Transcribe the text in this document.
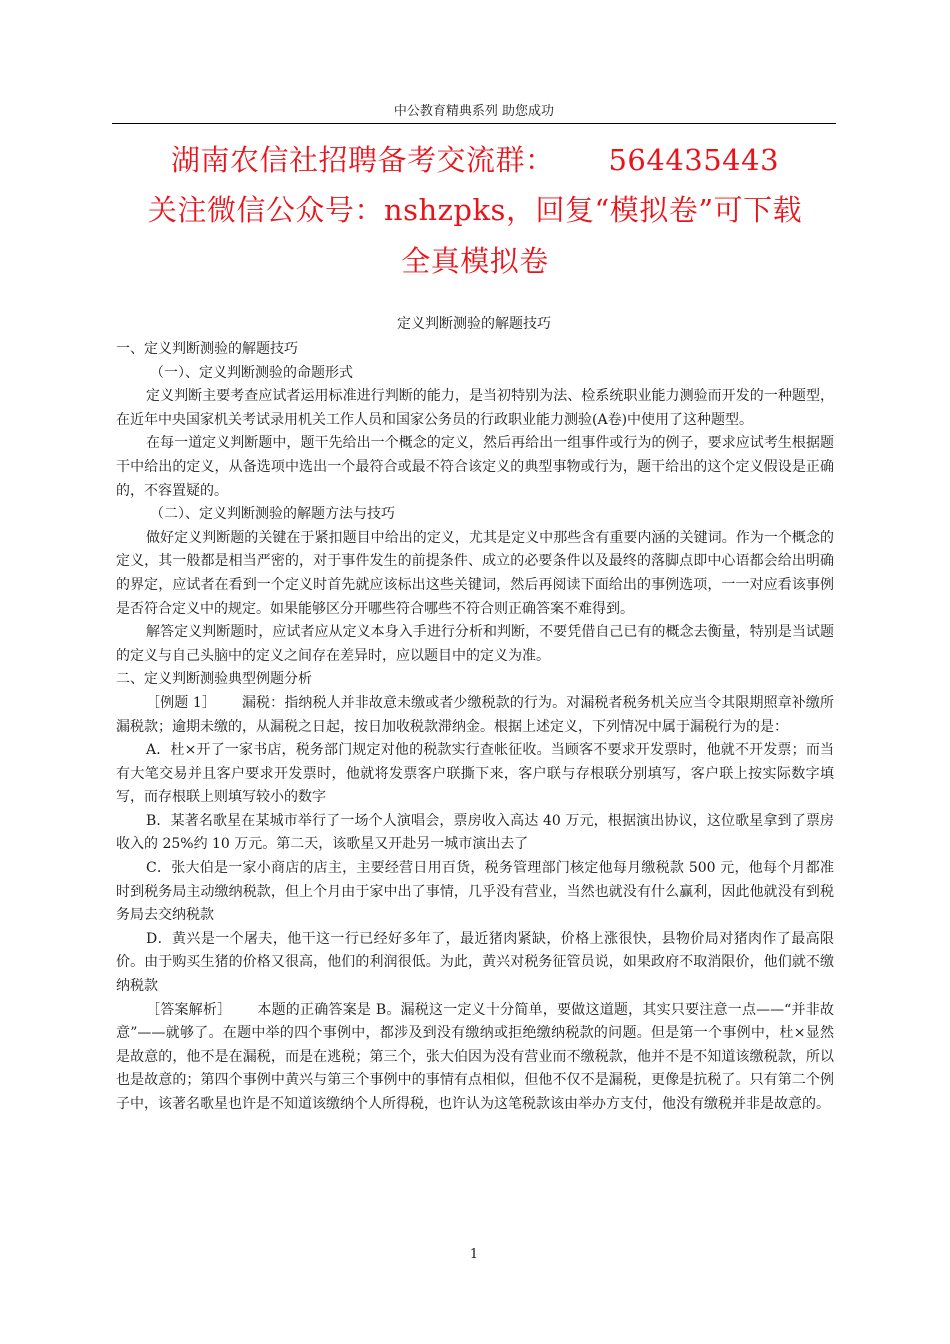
中公教育精典系列 助您成功
湖南农信社招聘备考交流群： 564435443
关注微信公众号：nshzpks，回复“模拟卷”可下载
全真模拟卷
定义判断测验的解题技巧

一、定义判断测验的解题技巧

（一）、定义判断测验的命题形式

定义判断主要考查应试者运用标准进行判断的能力，是当初特别为法、检系统职业能力测验而开发的一种题型，在近年中央国家机关考试录用机关工作人员和国家公务员的行政职业能力测验(A卷)中使用了这种题型。

在每一道定义判断题中，题干先给出一个概念的定义，然后再给出一组事件或行为的例子，要求应试考生根据题干中给出的定义，从备选项中选出一个最符合或最不符合该定义的典型事物或行为，题干给出的这个定义假设是正确的，不容置疑的。

（二）、定义判断测验的解题方法与技巧

做好定义判断题的关键在于紧扣题目中给出的定义，尤其是定义中那些含有重要内涵的关键词。作为一个概念的定义，其一般都是相当严密的，对于事件发生的前提条件、成立的必要条件以及最终的落脚点即中心语都会给出明确的界定，应试者在看到一个定义时首先就应该标出这些关键词，然后再阅读下面给出的事例选项，一一对应看该事例是否符合定义中的规定。如果能够区分开哪些符合哪些不符合则正确答案不难得到。

解答定义判断题时，应试者应从定义本身入手进行分析和判断，不要凭借自己已有的概念去衡量，特别是当试题的定义与自己头脑中的定义之间存在差异时，应以题目中的定义为准。

二、定义判断测验典型例题分析

［例题 1］ 漏税：指纳税人并非故意未缴或者少缴税款的行为。对漏税者税务机关应当令其限期照章补缴所漏税款；逾期未缴的，从漏税之日起，按日加收税款滞纳金。根据上述定义，下列情况中属于漏税行为的是：

A．杜×开了一家书店，税务部门规定对他的税款实行查帐征收。当顾客不要求开发票时，他就不开发票；而当有大笔交易并且客户要求开发票时，他就将发票客户联撕下来，客户联与存根联分别填写，客户联上按实际数字填写，而存根联上则填写较小的数字

B．某著名歌星在某城市举行了一场个人演唱会，票房收入高达 40 万元，根据演出协议，这位歌星拿到了票房收入的 25%约 10 万元。第二天，该歌星又开赴另一城市演出去了

C．张大伯是一家小商店的店主，主要经营日用百货，税务管理部门核定他每月缴税款 500 元，他每个月都准时到税务局主动缴纳税款，但上个月由于家中出了事情，几乎没有营业，当然也就没有什么赢利，因此他就没有到税务局去交纳税款

D．黄兴是一个屠夫，他干这一行已经好多年了，最近猪肉紧缺，价格上涨很快，县物价局对猪肉作了最高限价。由于购买生猪的价格又很高，他们的利润很低。为此，黄兴对税务征管员说，如果政府不取消限价，他们就不缴纳税款

［答案解析］ 本题的正确答案是 B。漏税这一定义十分简单，要做这道题，其实只要注意一点——“并非故意”——就够了。在题中举的四个事例中，都涉及到没有缴纳或拒绝缴纳税款的问题。但是第一个事例中，杜×显然是故意的，他不是在漏税，而是在逃税；第三个，张大伯因为没有营业而不缴税款，他并不是不知道该缴税款，所以也是故意的；第四个事例中黄兴与第三个事例中的事情有点相似，但他不仅不是漏税，更像是抗税了。只有第二个例子中，该著名歌星也许是不知道该缴纳个人所得税，也许认为这笔税款该由举办方支付，他没有缴税并非是故意的。

1
